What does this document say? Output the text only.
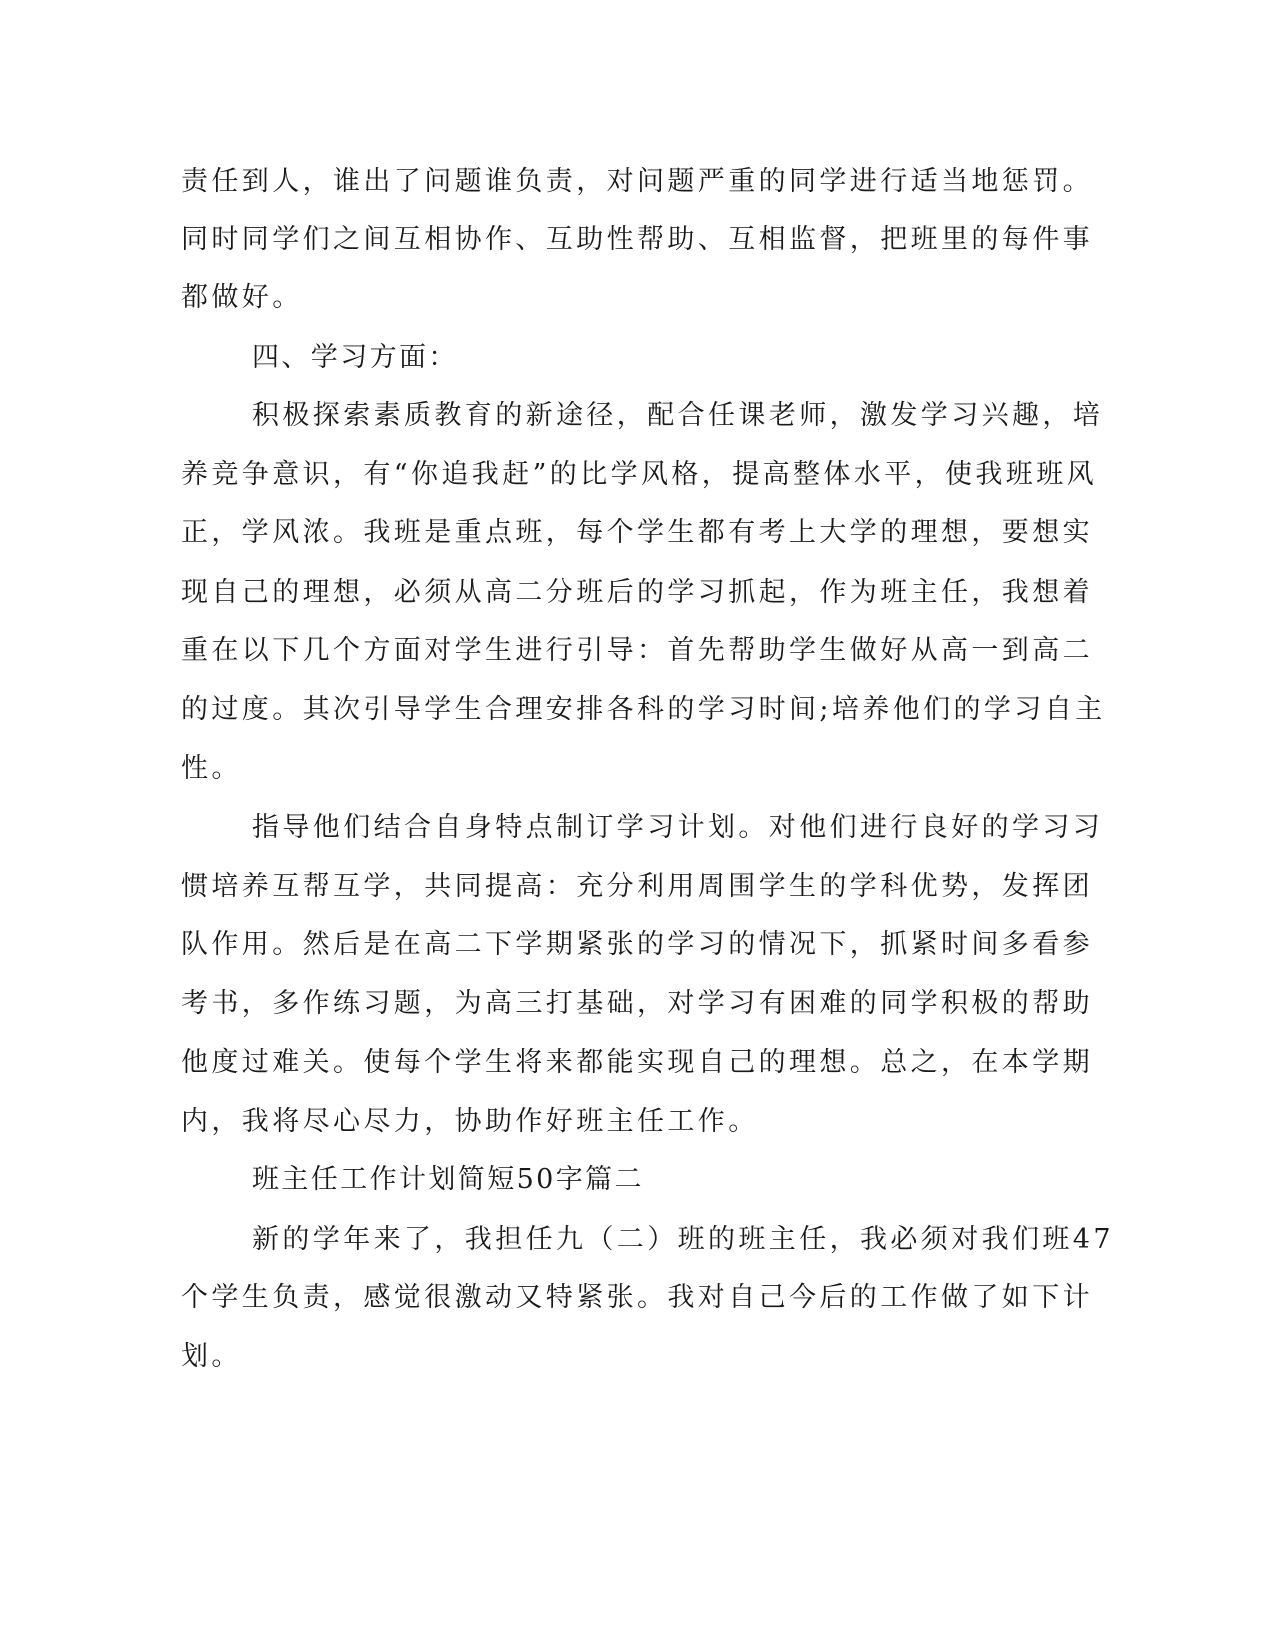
责任到人，谁出了问题谁负责，对问题严重的同学进行适当地惩罚。
同时同学们之间互相协作、互助性帮助、互相监督，把班里的每件事
都做好。
四、学习方面：
积极探索素质教育的新途径，配合任课老师，激发学习兴趣，培
养竞争意识，有“你追我赶”的比学风格，提高整体水平，使我班班风
正，学风浓。我班是重点班，每个学生都有考上大学的理想，要想实
现自己的理想，必须从高二分班后的学习抓起，作为班主任，我想着
重在以下几个方面对学生进行引导：首先帮助学生做好从高一到高二
的过度。其次引导学生合理安排各科的学习时间;培养他们的学习自主
性。
指导他们结合自身特点制订学习计划。对他们进行良好的学习习
惯培养互帮互学，共同提高：充分利用周围学生的学科优势，发挥团
队作用。然后是在高二下学期紧张的学习的情况下，抓紧时间多看参
考书，多作练习题，为高三打基础，对学习有困难的同学积极的帮助
他度过难关。使每个学生将来都能实现自己的理想。总之，在本学期
内，我将尽心尽力，协助作好班主任工作。
班主任工作计划简短50字篇二
新的学年来了，我担任九（二）班的班主任，我必须对我们班47
个学生负责，感觉很激动又特紧张。我对自己今后的工作做了如下计
划。
